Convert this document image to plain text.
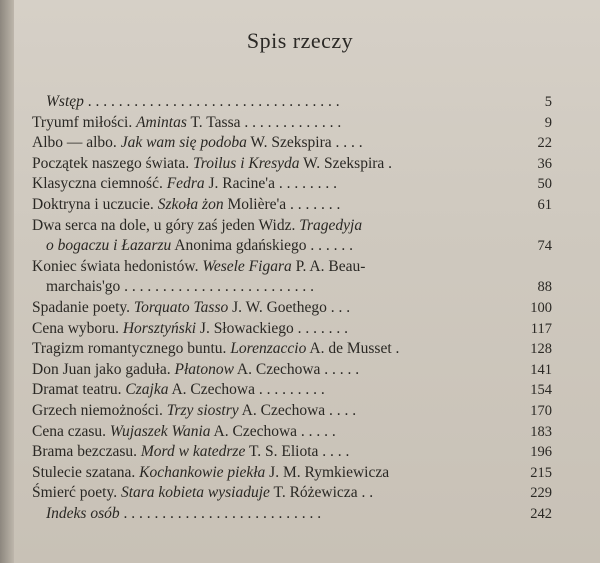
Spis rzeczy
Wstęp . . . . . . . . . . . . . . . . . . . . . . . . . . . . . . . . .	5
Tryumf miłości. Amintas T. Tassa . . . . . . . . . . . . .	9
Albo — albo. Jak wam się podoba W. Szekspira . . . .	22
Początek naszego świata. Troilus i Kresyda W. Szekspira .	36
Klasyczna ciemność. Fedra J. Racine'a . . . . . . . .	50
Doktryna i uczucie. Szkoła żon Molière'a . . . . . . .	61
Dwa serca na dole, u góry zaś jeden Widz. Tragedyja
o bogaczu i Łazarzu Anonima gdańskiego . . . . . .	74
Koniec świata hedonistów. Wesele Figara P. A. Beau-
marchais'go . . . . . . . . . . . . . . . . . . . . . . . . .	88
Spadanie poety. Torquato Tasso J. W. Goethego . . .	100
Cena wyboru. Horsztyński J. Słowackiego . . . . . . .	117
Tragizm romantycznego buntu. Lorenzaccio A. de Musset .	128
Don Juan jako gaduła. Płatonow A. Czechowa . . . . .	141
Dramat teatru. Czajka A. Czechowa . . . . . . . . .	154
Grzech niemożności. Trzy siostry A. Czechowa . . . .	170
Cena czasu. Wujaszek Wania A. Czechowa . . . . .	183
Brama bezczasu. Mord w katedrze T. S. Eliota . . . .	196
Stulecie szatana. Kochankowie piekła J. M. Rymkiewicza	215
Śmierć poety. Stara kobieta wysiaduje T. Różewicza . .	229
Indeks osób . . . . . . . . . . . . . . . . . . . . . . . . . .	242
